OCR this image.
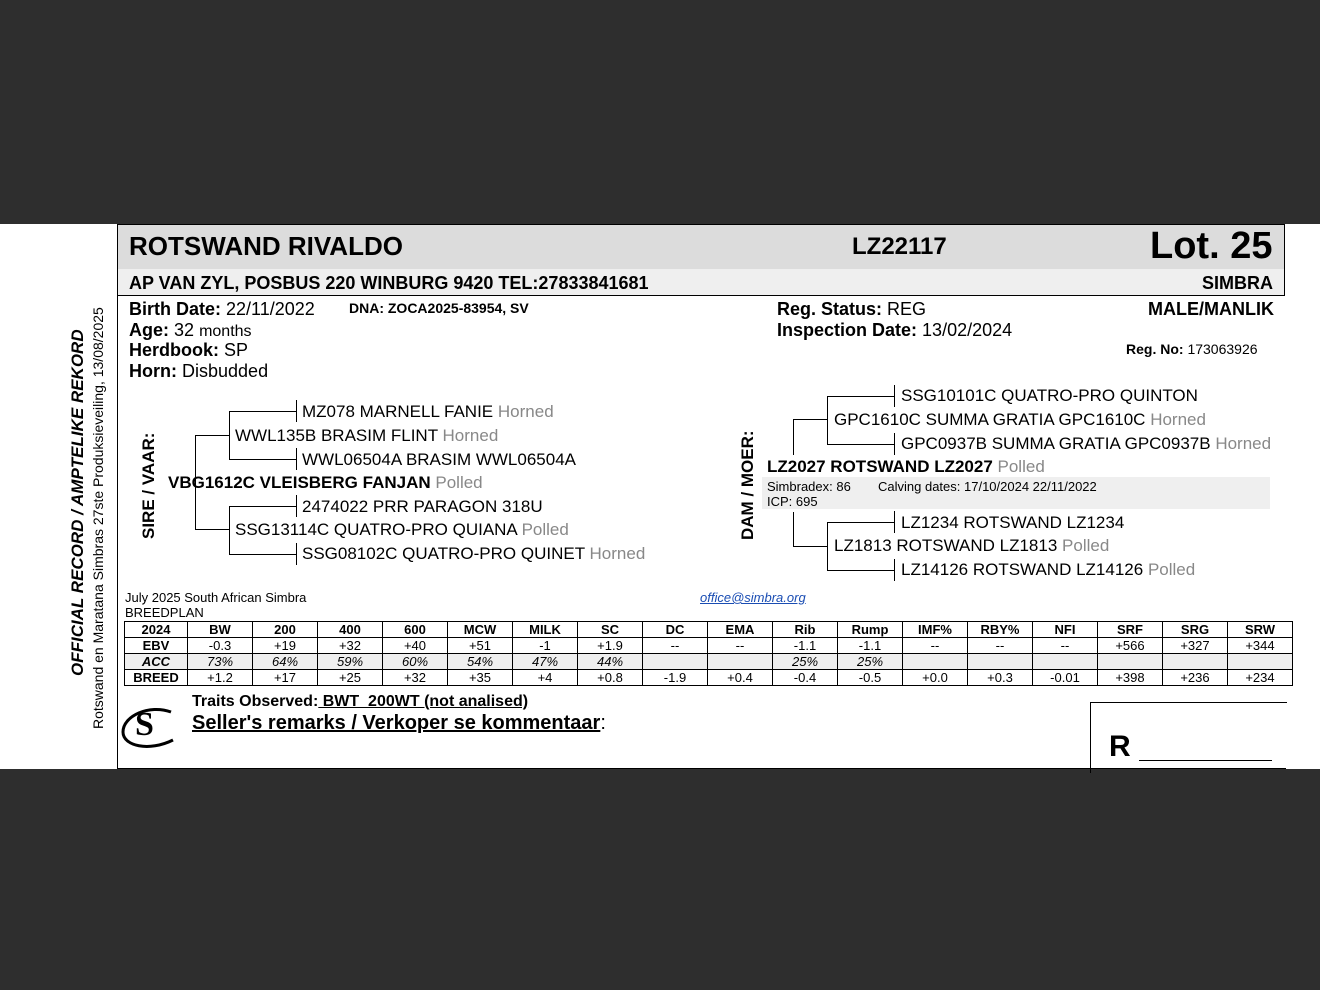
OFFICIAL RECORD / AMPTELIKE REKORD Rotswand en Maratana Simbras 27ste Produksieveiling, 13/08/2025
ROTSWAND RIVALDO	LZ22117	Lot. 25
AP VAN ZYL, POSBUS 220 WINBURG 9420 TEL:27833841681	SIMBRA
Birth Date: 22/11/2022 DNA: ZOCA2025-83954, SV
Age: 32 months
Herdbook: SP
Horn: Disbudded
Reg. Status: REG
Inspection Date: 13/02/2024
MALE/MANLIK
Reg. No: 173063926
SIRE / VAAR:
MZ078 MARNELL FANIE Horned
WWL135B BRASIM FLINT Horned
WWL06504A BRASIM WWL06504A
VBG1612C VLEISBERG FANJAN Polled
2474022 PRR PARAGON 318U
SSG13114C QUATRO-PRO QUIANA Polled
SSG08102C QUATRO-PRO QUINET Horned
DAM / MOER:
SSG10101C QUATRO-PRO QUINTON
GPC1610C SUMMA GRATIA GPC1610C Horned
GPC0937B SUMMA GRATIA GPC0937B Horned
LZ2027 ROTSWAND LZ2027 Polled
Simbradex: 86 Calving dates: 17/10/2024 22/11/2022
ICP: 695
LZ1234 ROTSWAND LZ1234
LZ1813 ROTSWAND LZ1813 Polled
LZ14126 ROTSWAND LZ14126 Polled
July 2025 South African Simbra
BREEDPLAN
office@simbra.org
2024	BW	200	400	600	MCW	MILK	SC	DC	EMA	Rib	Rump	IMF%	RBY%	NFI	SRF	SRG	SRW
EBV	-0.3	+19	+32	+40	+51	-1	+1.9	--	--	-1.1	-1.1	--	--	--	+566	+327	+344
ACC	73%	64%	59%	60%	54%	47%	44%			25%	25%						
BREED	+1.2	+17	+25	+32	+35	+4	+0.8	-1.9	+0.4	-0.4	-0.5	+0.0	+0.3	-0.01	+398	+236	+234
S
Traits Observed: BWT  200WT (not analised)
Seller's remarks / Verkoper se kommentaar:
R
